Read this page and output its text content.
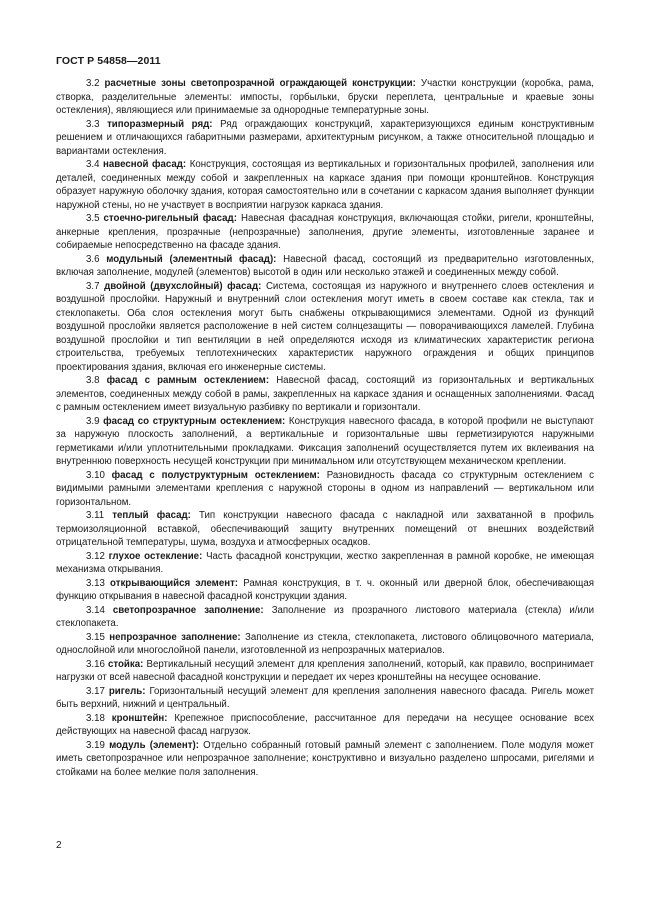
ГОСТ Р 54858—2011

3.2 расчетные зоны светопрозрачной ограждающей конструкции: Участки конструкции (коробка, рама, створка, разделительные элементы: импосты, горбыльки, бруски переплета, центральные и краевые зоны остекления), являющиеся или принимаемые за однородные температурные зоны.

3.3 типоразмерный ряд: Ряд ограждающих конструкций, характеризующихся единым конструктивным решением и отличающихся габаритными размерами, архитектурным рисунком, а также относительной площадью и вариантами остекления.

3.4 навесной фасад: Конструкция, состоящая из вертикальных и горизонтальных профилей, заполнения или деталей, соединенных между собой и закрепленных на каркасе здания при помощи кронштейнов. Конструкция образует наружную оболочку здания, которая самостоятельно или в сочетании с каркасом здания выполняет функции наружной стены, но не участвует в восприятии нагрузок каркаса здания.

3.5 стоечно-ригельный фасад: Навесная фасадная конструкция, включающая стойки, ригели, кронштейны, анкерные крепления, прозрачные (непрозрачные) заполнения, другие элементы, изготовленные заранее и собираемые непосредственно на фасаде здания.

3.6 модульный (элементный фасад): Навесной фасад, состоящий из предварительно изготовленных, включая заполнение, модулей (элементов) высотой в один или несколько этажей и соединенных между собой.

3.7 двойной (двухслойный) фасад: Система, состоящая из наружного и внутреннего слоев остекления и воздушной прослойки. Наружный и внутренний слои остекления могут иметь в своем составе как стекла, так и стеклопакеты. Оба слоя остекления могут быть снабжены открывающимися элементами. Одной из функций воздушной прослойки является расположение в ней систем солнцезащиты — поворачивающихся ламелей. Глубина воздушной прослойки и тип вентиляции в ней определяются исходя из климатических характеристик региона строительства, требуемых теплотехнических характеристик наружного ограждения и общих принципов проектирования здания, включая его инженерные системы.

3.8 фасад с рамным остеклением: Навесной фасад, состоящий из горизонтальных и вертикальных элементов, соединенных между собой в рамы, закрепленных на каркасе здания и оснащенных заполнениями. Фасад с рамным остеклением имеет визуальную разбивку по вертикали и горизонтали.

3.9 фасад со структурным остеклением: Конструкция навесного фасада, в которой профили не выступают за наружную плоскость заполнений, а вертикальные и горизонтальные швы герметизируются наружными герметиками и/или уплотнительными прокладками. Фиксация заполнений осуществляется путем их вклеивания на внутреннюю поверхность несущей конструкции при минимальном или отсутствующем механическом креплении.

3.10 фасад с полуструктурным остеклением: Разновидность фасада со структурным остеклением с видимыми рамными элементами крепления с наружной стороны в одном из направлений — вертикальном или горизонтальном.

3.11 теплый фасад: Тип конструкции навесного фасада с накладной или захватанной в профиль термоизоляционной вставкой, обеспечивающий защиту внутренних помещений от внешних воздействий отрицательной температуры, шума, воздуха и атмосферных осадков.

3.12 глухое остекление: Часть фасадной конструкции, жестко закрепленная в рамной коробке, не имеющая механизма открывания.

3.13 открывающийся элемент: Рамная конструкция, в т. ч. оконный или дверной блок, обеспечивающая функцию открывания в навесной фасадной конструкции здания.

3.14 светопрозрачное заполнение: Заполнение из прозрачного листового материала (стекла) и/или стеклопакета.

3.15 непрозрачное заполнение: Заполнение из стекла, стеклопакета, листового облицовочного материала, однослойной или многослойной панели, изготовленной из непрозрачных материалов.

3.16 стойка: Вертикальный несущий элемент для крепления заполнений, который, как правило, воспринимает нагрузки от всей навесной фасадной конструкции и передает их через кронштейны на несущее основание.

3.17 ригель: Горизонтальный несущий элемент для крепления заполнения навесного фасада. Ригель может быть верхний, нижний и центральный.

3.18 кронштейн: Крепежное приспособление, рассчитанное для передачи на несущее основание всех действующих на навесной фасад нагрузок.

3.19 модуль (элемент): Отдельно собранный готовый рамный элемент с заполнением. Поле модуля может иметь светопрозрачное или непрозрачное заполнение; конструктивно и визуально разделено шпросами, ригелями и стойками на более мелкие поля заполнения.

2
